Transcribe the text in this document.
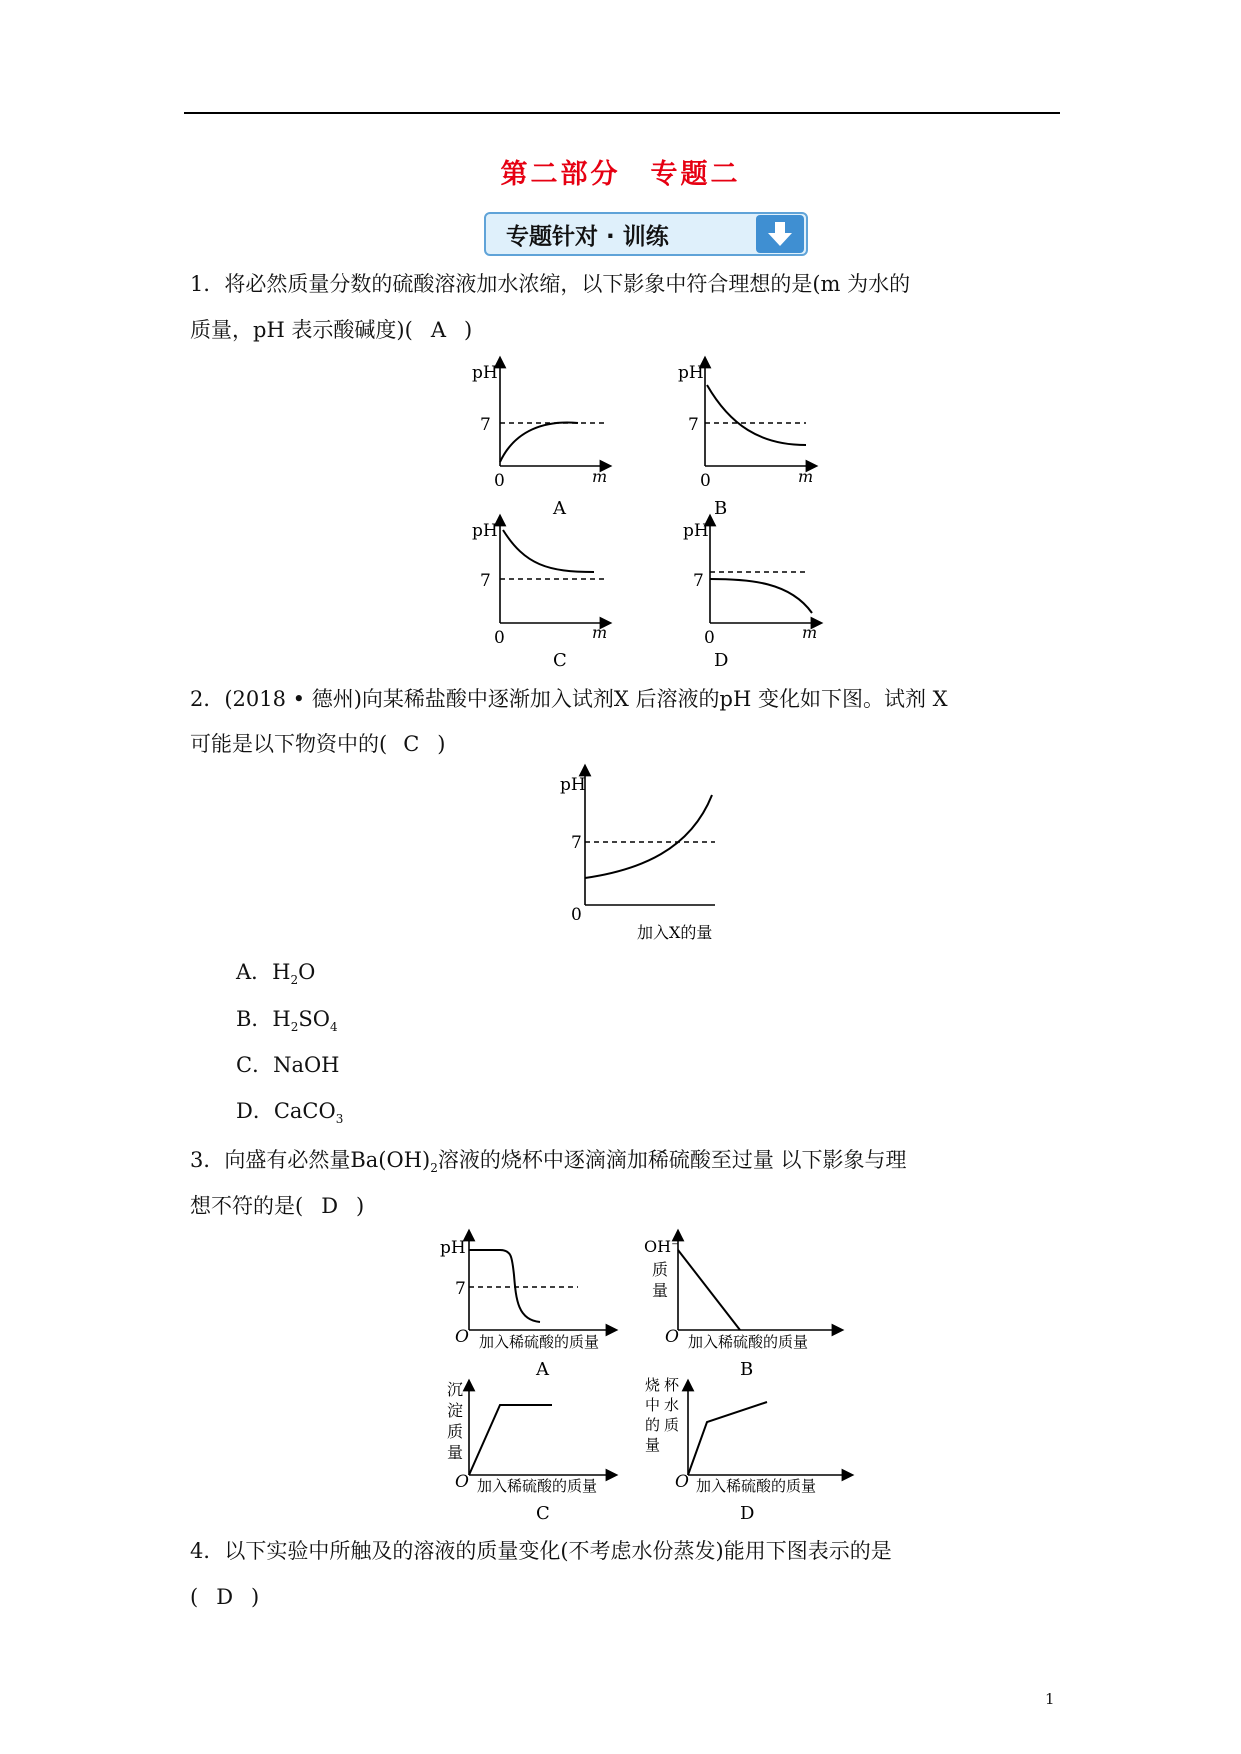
第二部分　专题二
专题针对 · 训练
1．将必然质量分数的硫酸溶液加水浓缩，以下影象中符合理想的是(m 为水的
质量，pH 表示酸碱度)( A )
pH
7
0	m
A
pH
7
0	m
B
pH
7
0	m
C
pH
7
0	m
D
pH
7
0
加入X的量
pH
7
O 加入稀硫酸的质量
A
OH⁻
质
量
O 加入稀硫酸的质量
B
沉
淀
质
量
O 加入稀硫酸的质量
C
烧 杯
中 水
的 质
量
O 加入稀硫酸的质量
D
2．(2018 • 德州)向某稀盐酸中逐渐加入试剂X 后溶液的pH 变化如下图。试剂 X
可能是以下物资中的( C )
A．$H_2O$
B．$H_2SO_4$
C．NaOH
D．CaCO$_3$
3．向盛有必然量$Ba(OH)_2$溶液的烧杯中逐滴滴加稀硫酸至过量 以下影象与理
想不符的是( D )
4．以下实验中所触及的溶液的质量变化(不考虑水份蒸发)能用下图表示的是
( D )
1
